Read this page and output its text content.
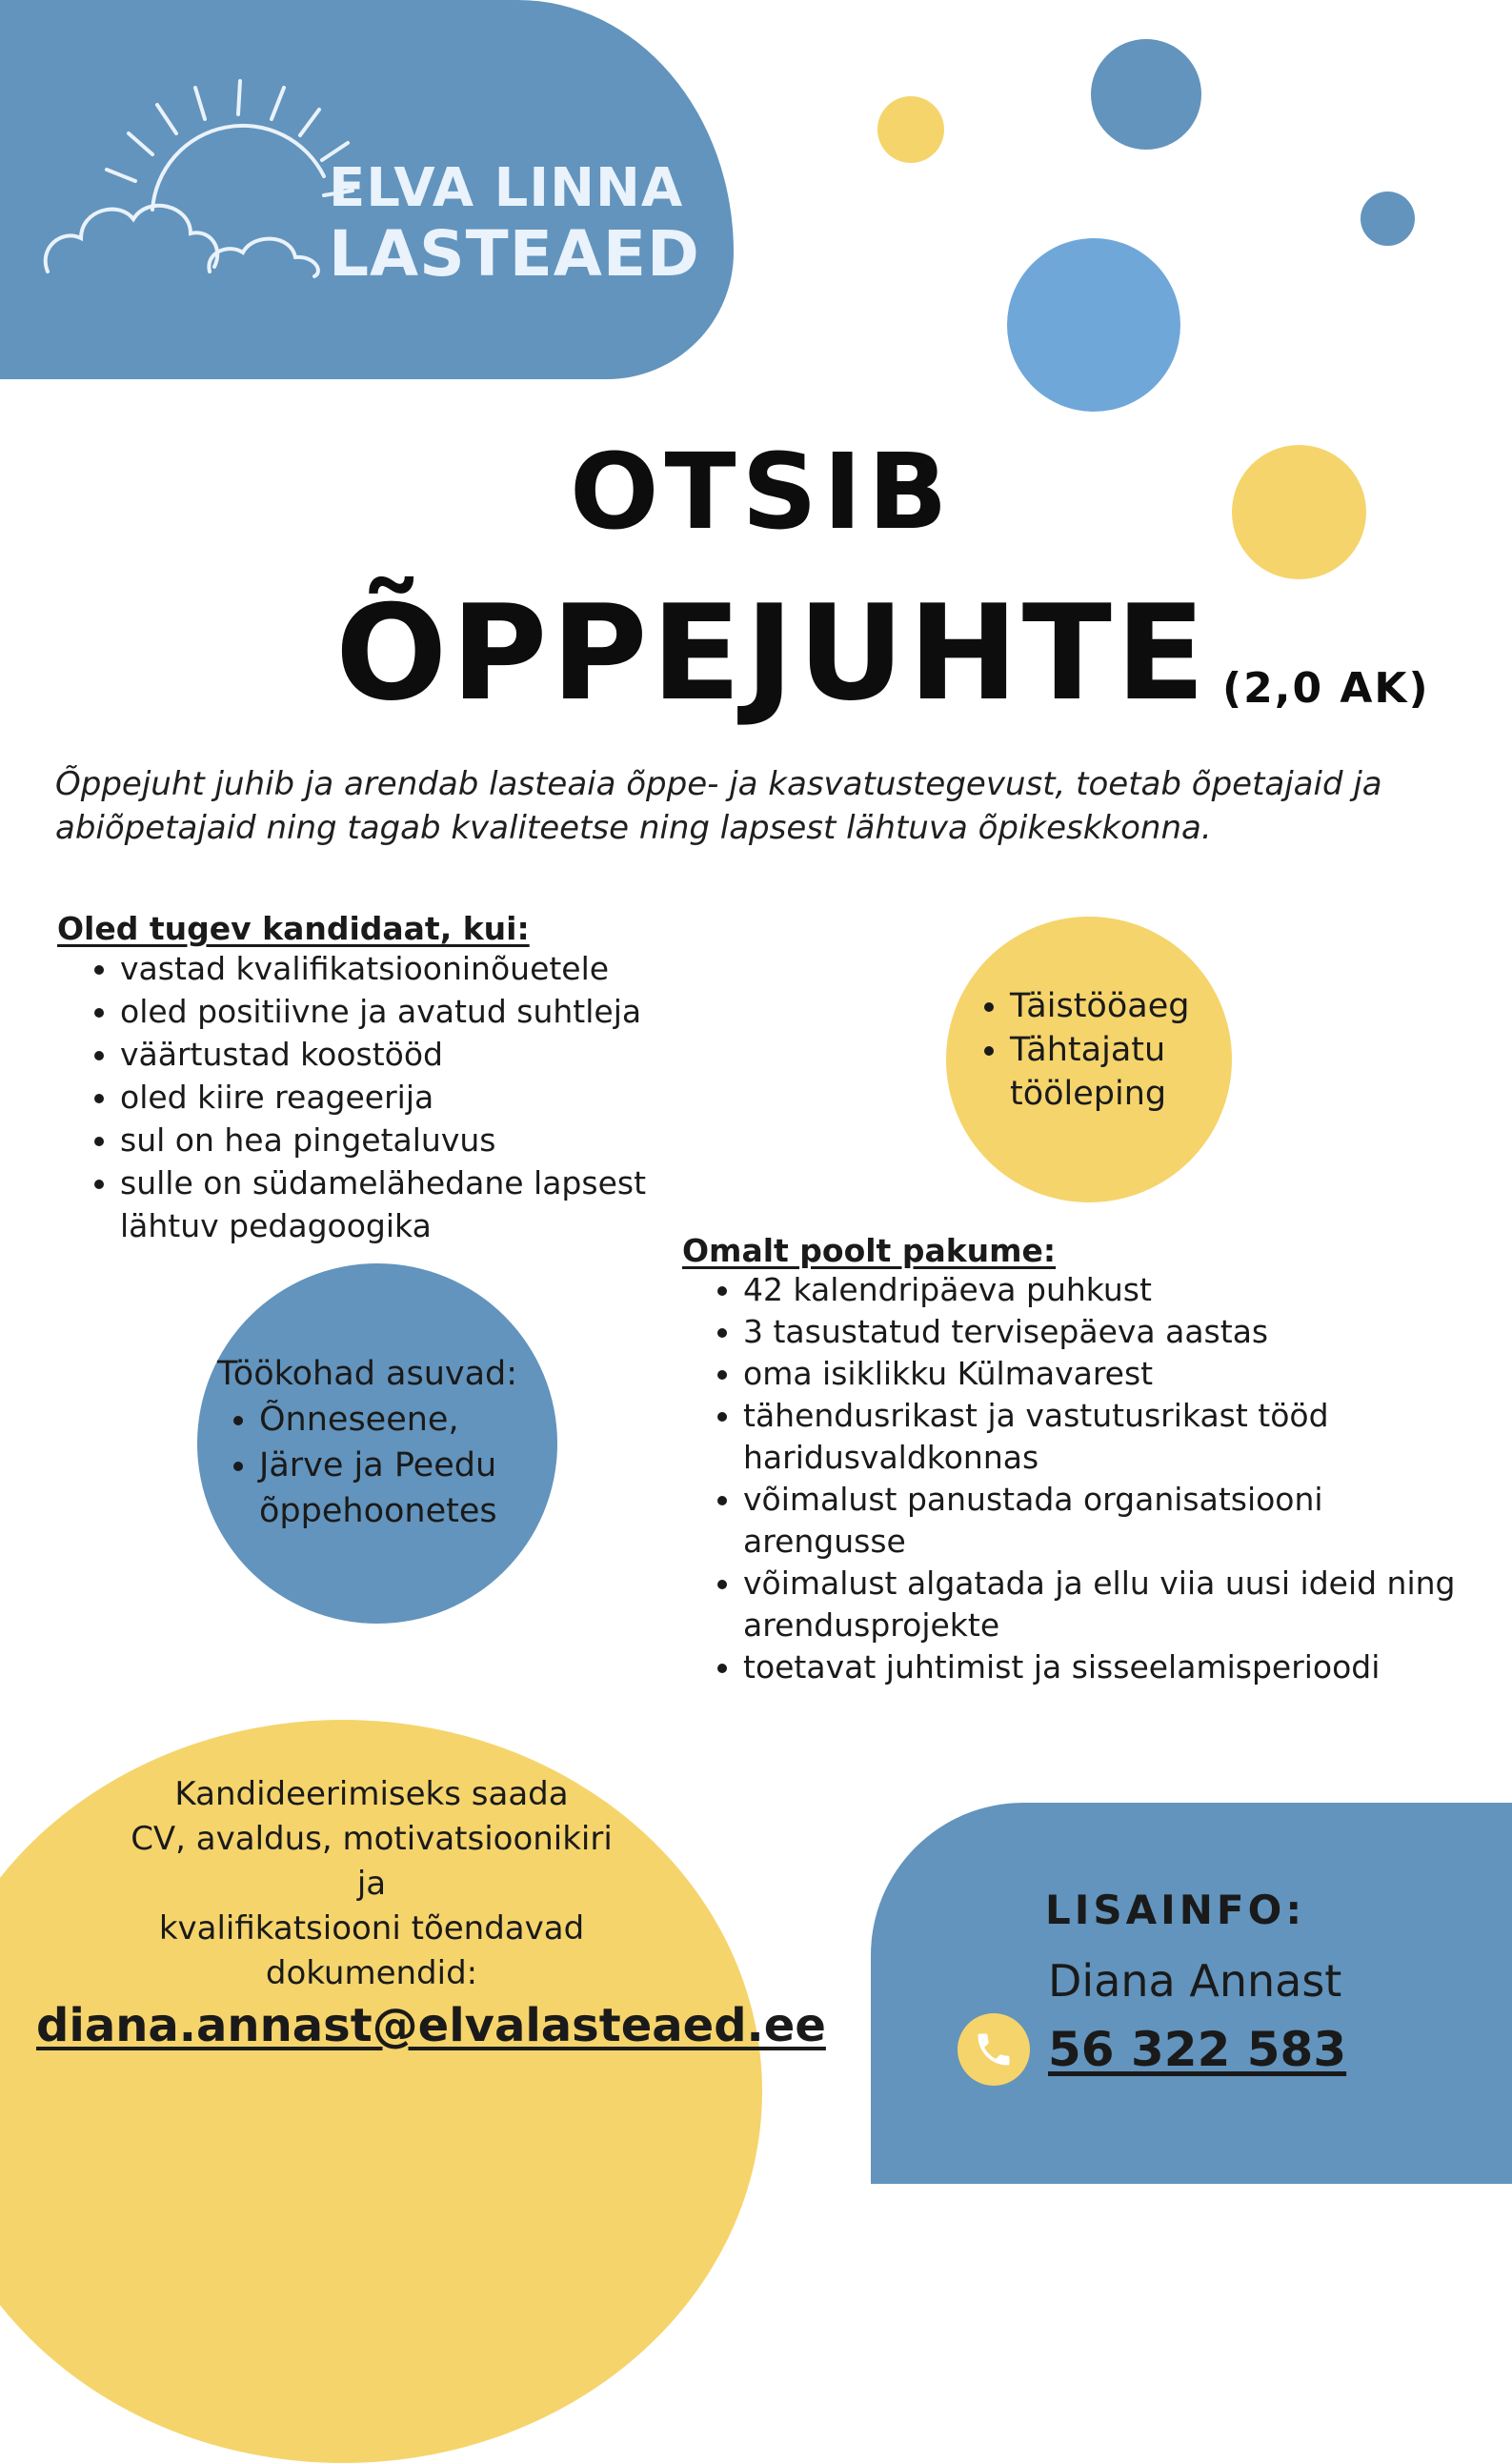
ELVA LINNA
LASTEAED
OTSIB
ÕPPEJUHTE (2,0 AK)
Õppejuht juhib ja arendab lasteaia õppe- ja kasvatustegevust, toetab õpetajaid ja abiõpetajaid ning tagab kvaliteetse ning lapsest lähtuva õpikeskkonna.
Oled tugev kandidaat, kui:
• vastad kvalifikatsiooninõuetele
• oled positiivne ja avatud suhtleja
• väärtustad koostööd
• oled kiire reageerija
• sul on hea pingetaluvus
• sulle on südamelähedane lapsest lähtuv pedagoogika
• Täistööaeg
• Tähtajatu tööleping
Töökohad asuvad:
• Õnneseene,
• Järve ja Peedu õppehoonetes
Omalt poolt pakume:
• 42 kalendripäeva puhkust
• 3 tasustatud tervisepäeva aastas
• oma isiklikku Külmavarest
• tähendusrikast ja vastutusrikast tööd haridusvaldkonnas
• võimalust panustada organisatsiooni arengusse
• võimalust algatada ja ellu viia uusi ideid ning arendusprojekte
• toetavat juhtimist ja sisseelamisperioodi
Kandideerimiseks saada
CV, avaldus, motivatsioonikiri
ja
kvalifikatsiooni tõendavad
dokumendid:
diana.annast@elvalasteaed.ee
LISAINFO:
Diana Annast
56 322 583
